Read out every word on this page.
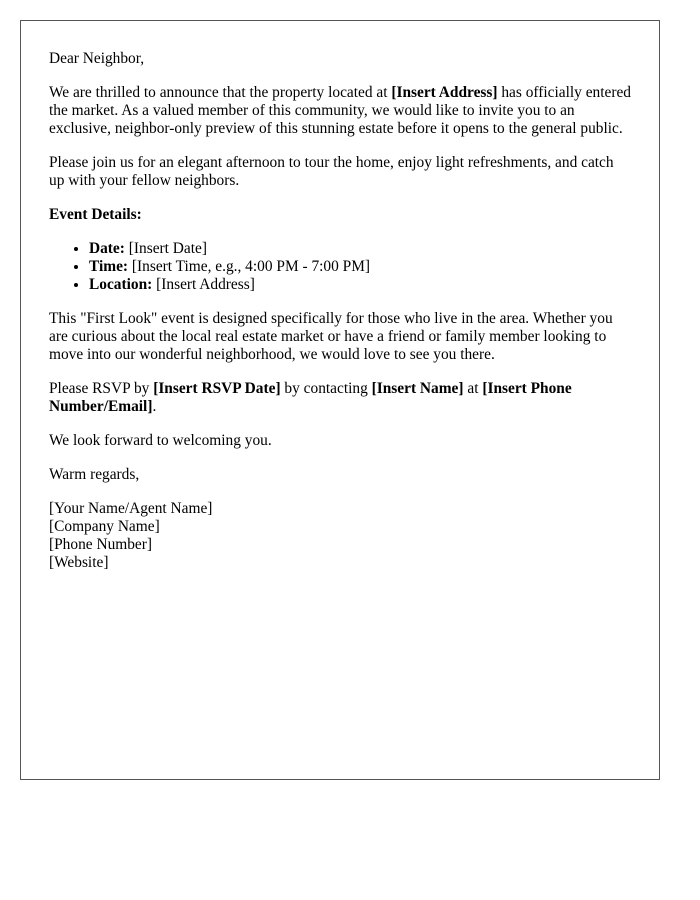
Dear Neighbor,

We are thrilled to announce that the property located at [Insert Address] has officially entered the market. As a valued member of this community, we would like to invite you to an exclusive, neighbor-only preview of this stunning estate before it opens to the general public.

Please join us for an elegant afternoon to tour the home, enjoy light refreshments, and catch up with your fellow neighbors.

Event Details:

• Date: [Insert Date]
• Time: [Insert Time, e.g., 4:00 PM - 7:00 PM]
• Location: [Insert Address]

This "First Look" event is designed specifically for those who live in the area. Whether you are curious about the local real estate market or have a friend or family member looking to move into our wonderful neighborhood, we would love to see you there.

Please RSVP by [Insert RSVP Date] by contacting [Insert Name] at [Insert Phone Number/Email].

We look forward to welcoming you.

Warm regards,

[Your Name/Agent Name]
[Company Name]
[Phone Number]
[Website]
